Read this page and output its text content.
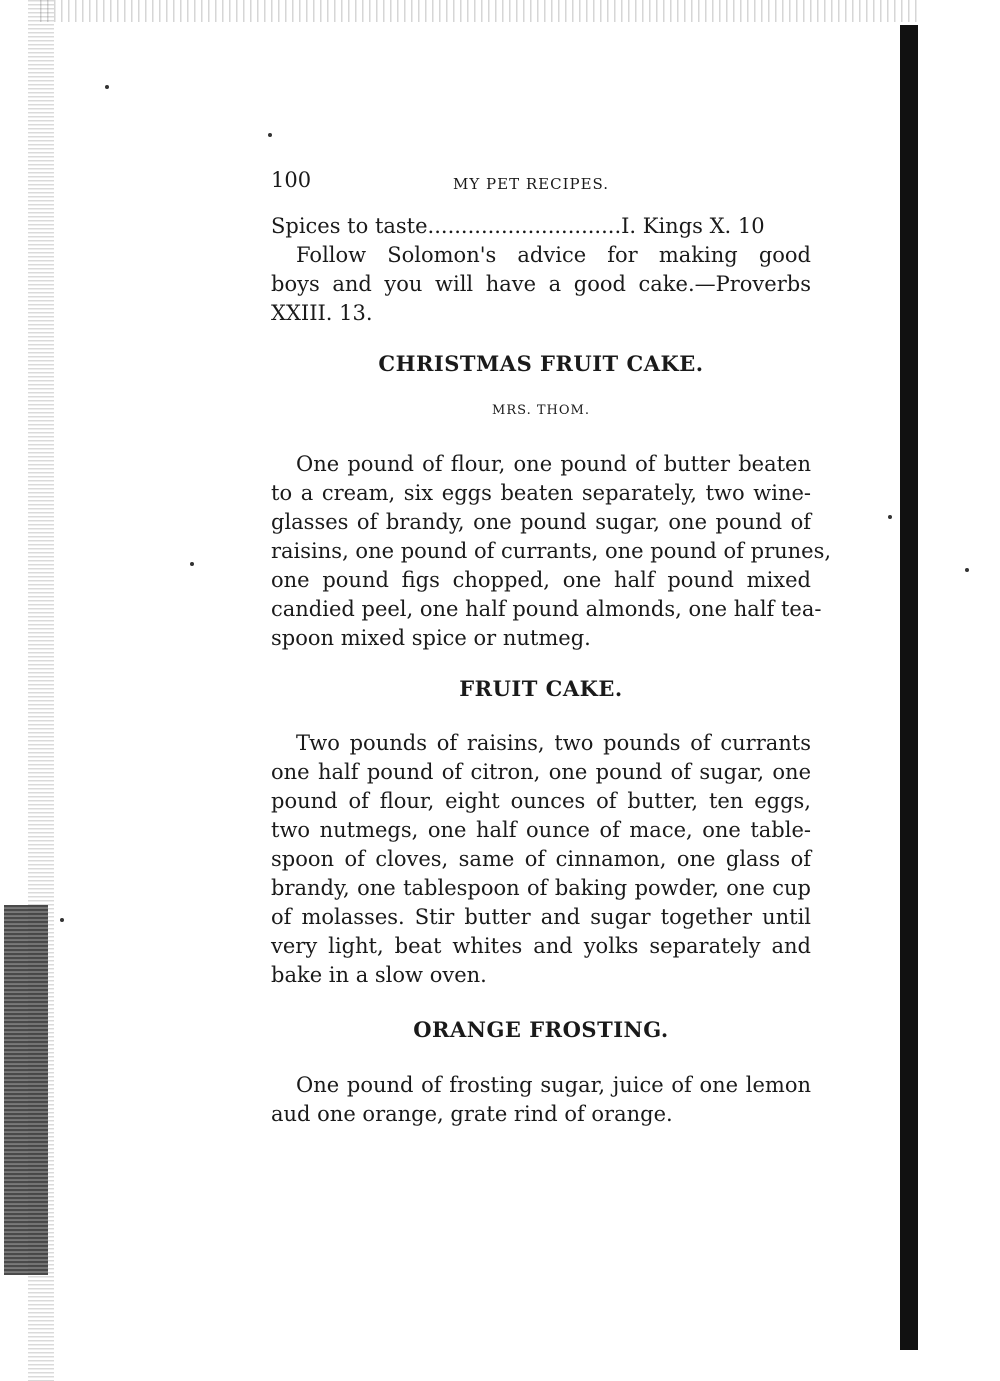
100	MY PET RECIPES.
Spices to taste.............................I. Kings X. 10
Follow Solomon's advice for making good
boys and you will have a good cake.—Proverbs
XXIII. 13.
CHRISTMAS FRUIT CAKE.

MRS. THOM.

One pound of flour, one pound of butter beaten
to a cream, six eggs beaten separately, two wine-
glasses of brandy, one pound sugar, one pound of
raisins, one pound of currants, one pound of prunes,
one pound figs chopped, one half pound mixed
candied peel, one half pound almonds, one half tea-
spoon mixed spice or nutmeg.
FRUIT CAKE.
Two pounds of raisins, two pounds of currants
one half pound of citron, one pound of sugar, one
pound of flour, eight ounces of butter, ten eggs,
two nutmegs, one half ounce of mace, one table-
spoon of cloves, same of cinnamon, one glass of
brandy, one tablespoon of baking powder, one cup
of molasses. Stir butter and sugar together until
very light, beat whites and yolks separately and
bake in a slow oven.
ORANGE FROSTING.
One pound of frosting sugar, juice of one lemon
aud one orange, grate rind of orange.
